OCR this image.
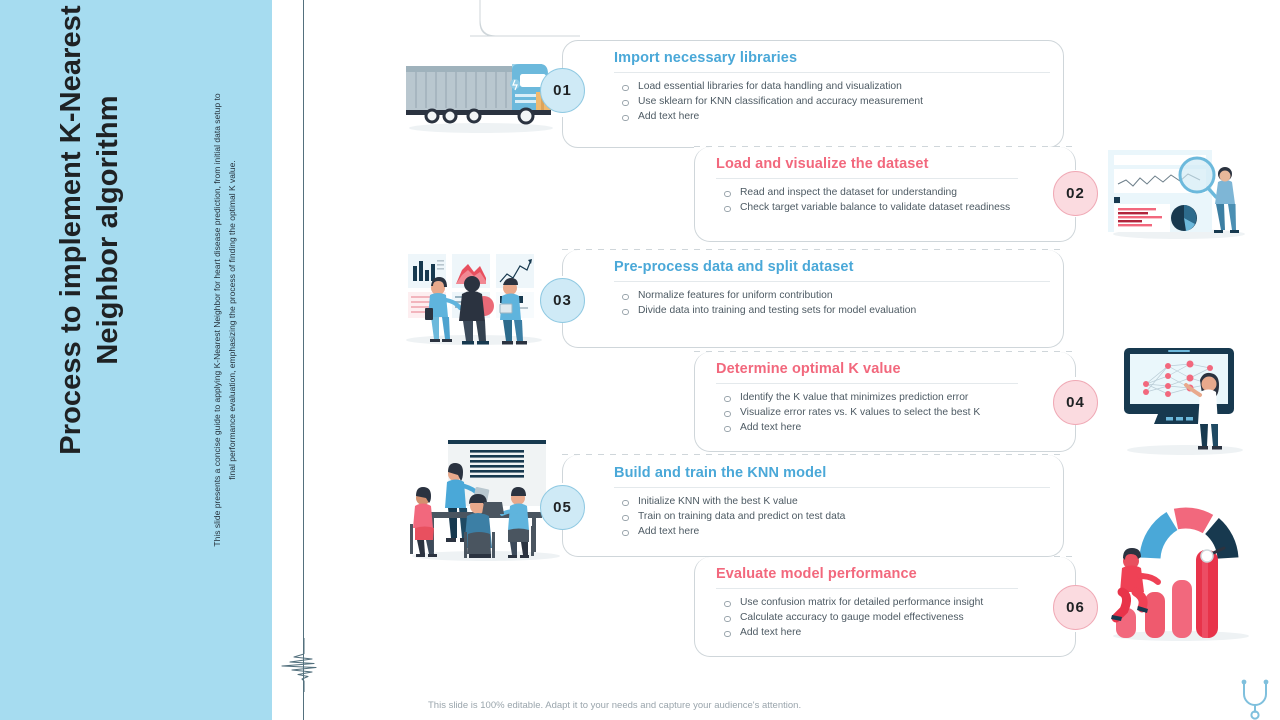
Process to implement K-Nearest Neighbor algorithm	This slide presents a concise guide to applying K-Nearest Neighbor for heart disease prediction, from initial data setup to final performance evaluation, emphasizing the process of finding the optimal K value.
01
Import necessary libraries
Load essential libraries for data handling and visualization
Use sklearn for KNN classification and accuracy measurement
Add text here
02
Load and visualize the dataset
Read and inspect the dataset for understanding
Check target variable balance to validate dataset readiness
03
Pre-process data and split dataset
Normalize features for uniform contribution
Divide data into training and testing sets for model evaluation
04
Determine optimal K value
Identify the K value that minimizes prediction error
Visualize error rates vs. K values to select the best K
Add text here
05
Build and train the KNN model
Initialize KNN with the best K value
Train on training data and predict on test data
Add text here
06
Evaluate model performance
Use confusion matrix for detailed performance insight
Calculate accuracy to gauge model effectiveness
Add text here
This slide is 100% editable. Adapt it to your needs and capture your audience's attention.
